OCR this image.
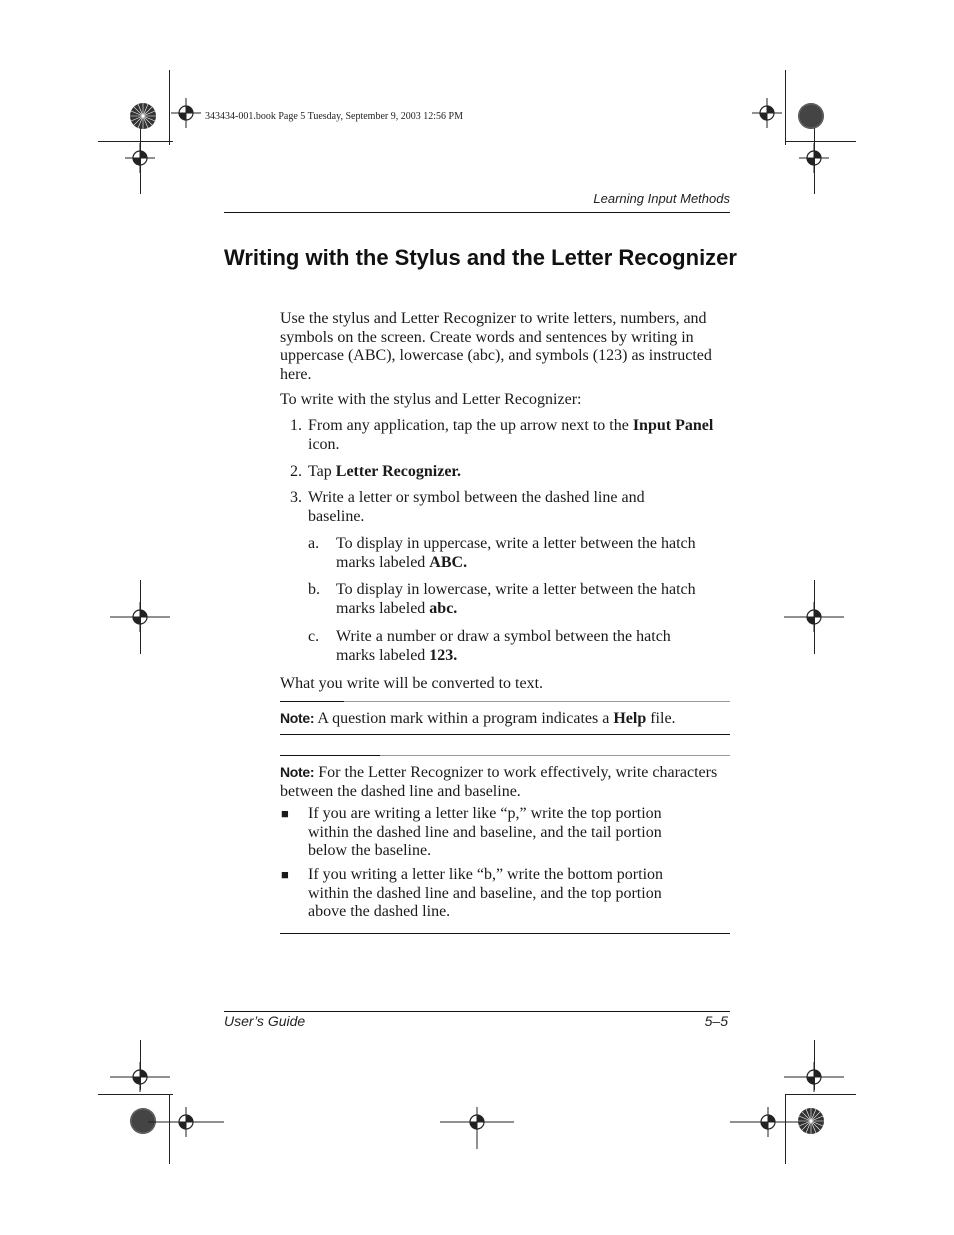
343434-001.book Page 5 Tuesday, September 9, 2003 12:56 PM
Learning Input Methods
Writing with the Stylus and the Letter Recognizer

Use the stylus and Letter Recognizer to write letters, numbers, and symbols on the screen. Create words and sentences by writing in uppercase (ABC), lowercase (abc), and symbols (123) as instructed here.

To write with the stylus and Letter Recognizer:

1. From any application, tap the up arrow next to the Input Panel icon.
2. Tap Letter Recognizer.
3. Write a letter or symbol between the dashed line and baseline.
a. To display in uppercase, write a letter between the hatch marks labeled ABC.
b. To display in lowercase, write a letter between the hatch marks labeled abc.
c. Write a number or draw a symbol between the hatch marks labeled 123.

What you write will be converted to text.

Note: A question mark within a program indicates a Help file.

Note: For the Letter Recognizer to work effectively, write characters between the dashed line and baseline.

■ If you are writing a letter like “p,” write the top portion within the dashed line and baseline, and the tail portion below the baseline.
■ If you writing a letter like “b,” write the bottom portion within the dashed line and baseline, and the top portion above the dashed line.
User’s Guide	5–5
